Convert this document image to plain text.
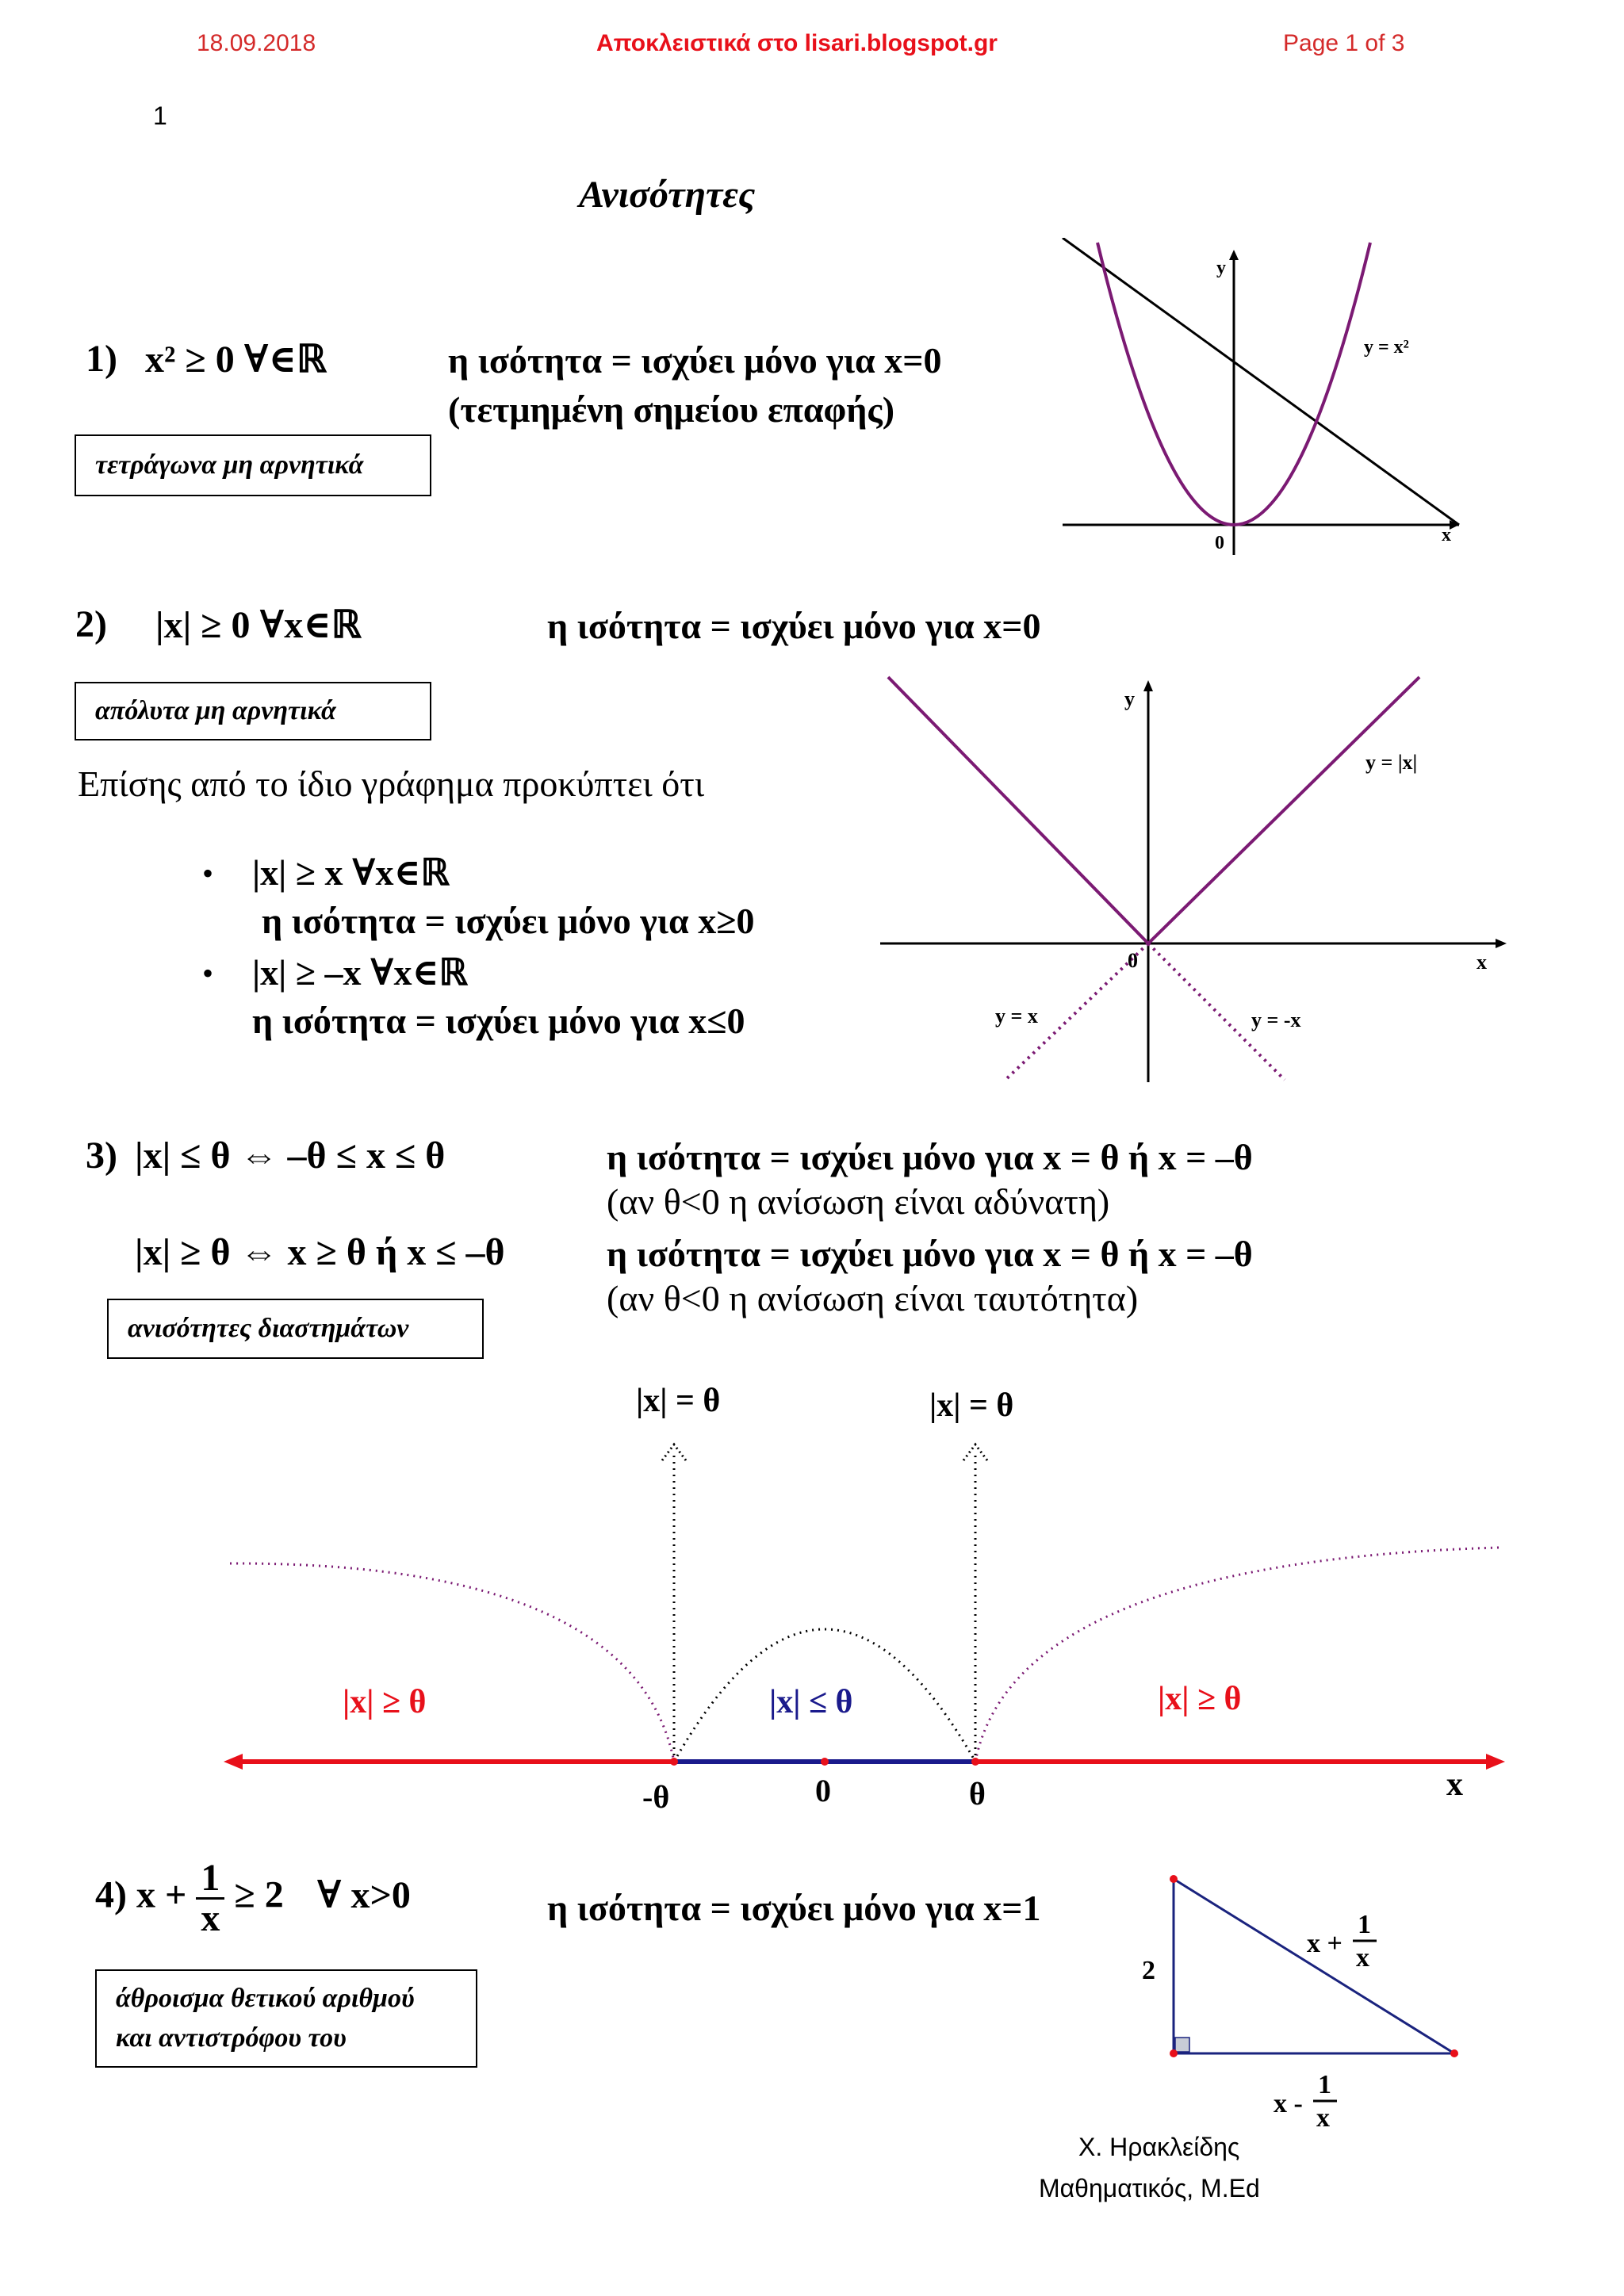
18.09.2018	Αποκλειστικά στο lisari.blogspot.gr	Page 1 of 3
1
Ανισότητες
1) x² ≥ 0 ∀∈ℝ	η ισότητα = ισχύει μόνο για x=0
(τετμημένη σημείου επαφής)
τετράγωνα μη αρνητικά
y
x
0
y = x²
2) |x| ≥ 0 ∀x∈ℝ	η ισότητα = ισχύει μόνο για x=0
απόλυτα μη αρνητικά
Επίσης από το ίδιο γράφημα προκύπτει ότι
• |x| ≥ x ∀x∈ℝ
η ισότητα = ισχύει μόνο για x≥0
• |x| ≥ –x ∀x∈ℝ
η ισότητα = ισχύει μόνο για x≤0
y
x
0
y = |x|
y = x	y = -x
3) |x| ≤ θ ⇔ –θ ≤ x ≤ θ	η ισότητα = ισχύει μόνο για x = θ ή x = –θ
(αν θ<0 η ανίσωση είναι αδύνατη)
|x| ≥ θ ⇔ x ≥ θ ή x ≤ –θ	η ισότητα = ισχύει μόνο για x = θ ή x = –θ
(αν θ<0 η ανίσωση είναι ταυτότητα)
ανισότητες διαστημάτων
|x| = θ	|x| = θ
|x| ≥ θ	|x| ≤ θ	|x| ≥ θ
-θ	0	θ	x
4) $x + \frac{1}{x} \ge 2$ ∀ x>0	η ισότητα = ισχύει μόνο για x=1
άθροισμα θετικού αριθμού
και αντιστρόφου του
2
x +
1
x
x -
1
x
Χ. Ηρακλείδης
Μαθηματικός, M.Ed
